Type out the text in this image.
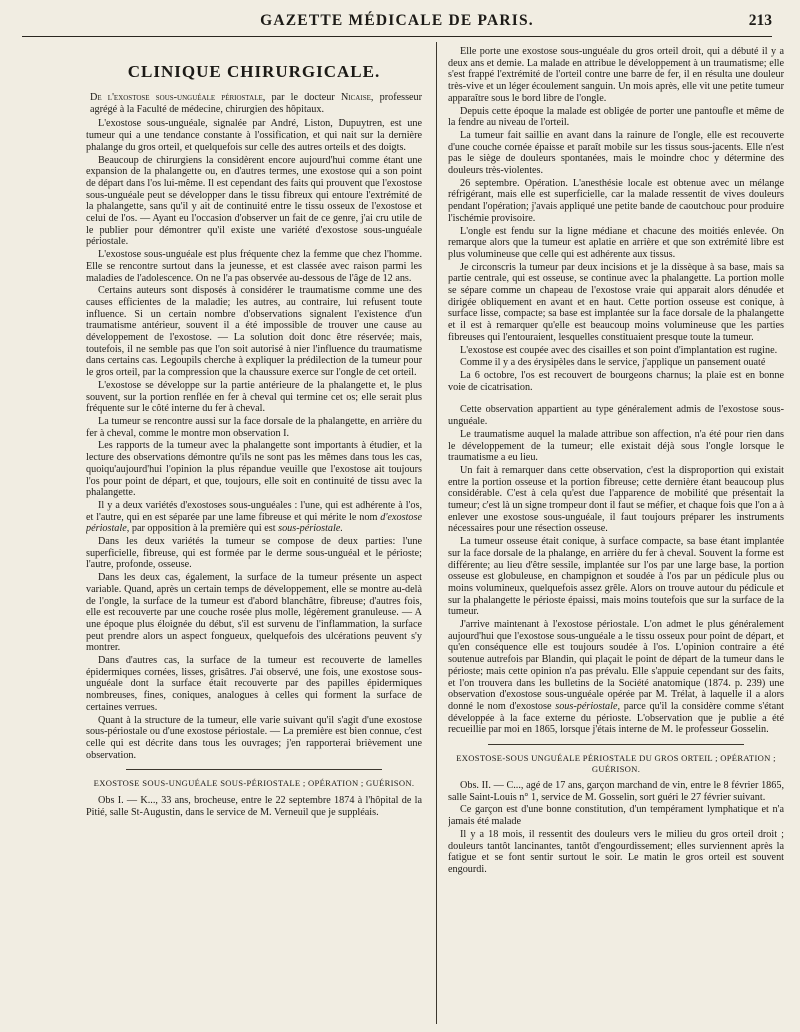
GAZETTE MÉDICALE DE PARIS.	213
CLINIQUE CHIRURGICALE.

De l'exostose sous-unguéale périostale, par le docteur Nicaise, professeur agrégé à la Faculté de médecine, chirurgien des hôpitaux.

L'exostose sous-unguéale, signalée par André, Liston, Dupuytren, est une tumeur qui a une tendance constante à l'ossification, et qui nait sur la dernière phalange du gros orteil, et quelquefois sur celle des autres orteils et des doigts.

Beaucoup de chirurgiens la considèrent encore aujourd'hui comme étant une expansion de la phalangette ou, en d'autres termes, une exostose qui a son point de départ dans l'os lui-même. Il est cependant des faits qui prouvent que l'exostose sous-unguéale peut se développer dans le tissu fibreux qui entoure l'extrémité de la phalangette, sans qu'il y ait de continuité entre le tissu osseux de l'exostose et celui de l'os. — Ayant eu l'occasion d'observer un fait de ce genre, j'ai cru utile de le publier pour démontrer qu'il existe une variété d'exostose sous-unguéale périostale.

L'exostose sous-unguéale est plus fréquente chez la femme que chez l'homme. Elle se rencontre surtout dans la jeunesse, et est classée avec raison parmi les maladies de l'adolescence. On ne l'a pas observée au-dessous de l'âge de 12 ans.

Certains auteurs sont disposés à considérer le traumatisme comme une des causes efficientes de la maladie; les autres, au contraire, lui refusent toute influence. Si un certain nombre d'observations signalent l'existence d'un traumatisme antérieur, souvent il a été impossible de trouver une cause au développement de l'exostose. — La solution doit donc être réservée; mais, toutefois, il ne semble pas que l'on soit autorisé à nier l'influence du traumatisme dans certains cas. Legoupils cherche à expliquer la prédilection de la tumeur pour le gros orteil, par la compression que la chaussure exerce sur l'ongle de cet orteil.

L'exostose se développe sur la partie antérieure de la phalangette et, le plus souvent, sur la portion renflée en fer à cheval qui termine cet os; elle serait plus fréquente sur le côté interne du fer à cheval.

La tumeur se rencontre aussi sur la face dorsale de la phalangette, en arrière du fer à cheval, comme le montre mon observation I.

Les rapports de la tumeur avec la phalangette sont importants à étudier, et la lecture des observations démontre qu'ils ne sont pas les mêmes dans tous les cas, quoiqu'aujourd'hui l'opinion la plus répandue veuille que l'exostose ait toujours l'os pour point de départ, et que, toujours, elle soit en continuité de tissu avec la phalangette.

Il y a deux variétés d'exostoses sous-unguéales : l'une, qui est adhérente à l'os, et l'autre, qui en est séparée par une lame fibreuse et qui mérite le nom d'exostose périostale, par opposition à la première qui est sous-périostale.

Dans les deux variétés la tumeur se compose de deux parties: l'une superficielle, fibreuse, qui est formée par le derme sous-unguéal et le périoste; l'autre, profonde, osseuse.

Dans les deux cas, également, la surface de la tumeur présente un aspect variable. Quand, après un certain temps de développement, elle se montre au-delà de l'ongle, la surface de la tumeur est d'abord blanchâtre, fibreuse; d'autres fois, elle est recouverte par une couche rosée plus molle, légèrement granuleuse. — A une époque plus éloignée du début, s'il est survenu de l'inflammation, la surface peut prendre alors un aspect fongueux, quelquefois des ulcérations peuvent s'y montrer.

Dans d'autres cas, la surface de la tumeur est recouverte de lamelles épidermiques cornées, lisses, grisâtres. J'ai observé, une fois, une exostose sous-unguéale dont la surface était recouverte par des papilles épidermiques nombreuses, fines, coniques, analogues à celles qui forment la surface de certaines verrues.

Quant à la structure de la tumeur, elle varie suivant qu'il s'agit d'une exostose sous-périostale ou d'une exostose périostale. — La première est bien connue, c'est celle qui est décrite dans tous les ouvrages; j'en rapporterai brièvement une observation.

EXOSTOSE SOUS-UNGUÉALE SOUS-PÉRIOSTALE ; OPÉRATION ; GUÉRISON.

Obs I. — K..., 33 ans, brocheuse, entre le 22 septembre 1874 à l'hôpital de la Pitié, salle St-Augustin, dans le service de M. Verneuil que je suppléais.

Elle porte une exostose sous-unguéale du gros orteil droit, qui a débuté il y a deux ans et demie. La malade en attribue le développement à un traumatisme; elle s'est frappé l'extrémité de l'orteil contre une barre de fer, il en résulta une douleur très-vive et un léger écoulement sanguin. Un mois après, elle vit une petite tumeur apparaître sous le bord libre de l'ongle.

Depuis cette époque la malade est obligée de porter une pantoufle et même de la fendre au niveau de l'orteil.

La tumeur fait saillie en avant dans la rainure de l'ongle, elle est recouverte d'une couche cornée épaisse et paraît mobile sur les tissus sous-jacents. Elle n'est pas le siège de douleurs spontanées, mais le moindre choc y détermine des douleurs très-violentes.

26 septembre. Opération. L'anesthésie locale est obtenue avec un mélange réfrigérant, mais elle est superficielle, car la malade ressentit de vives douleurs pendant l'opération; j'avais appliqué une petite bande de caoutchouc pour produire l'ischémie provisoire.

L'ongle est fendu sur la ligne médiane et chacune des moitiés enlevée. On remarque alors que la tumeur est aplatie en arrière et que son extrémité libre est plus volumineuse que celle qui est adhérente aux tissus.

Je circonscris la tumeur par deux incisions et je la dissèque à sa base, mais sa partie centrale, qui est osseuse, se continue avec la phalangette. La portion molle se sépare comme un chapeau de l'exostose vraie qui apparait alors dénudée et dirigée obliquement en avant et en haut. Cette portion osseuse est conique, à surface lisse, compacte; sa base est implantée sur la face dorsale de la phalangette et il est à remarquer qu'elle est beaucoup moins volumineuse que les parties fibreuses qui l'entouraient, lesquelles constituaient presque toute la tumeur.

L'exostose est coupée avec des cisailles et son point d'implantation est rugine.

Comme il y a des érysipèles dans le service, j'applique un pansement ouaté

La 6 octobre, l'os est recouvert de bourgeons charnus; la plaie est en bonne voie de cicatrisation.

Cette observation appartient au type généralement admis de l'exostose sous-unguéale.

Le traumatisme auquel la malade attribue son affection, n'a été pour rien dans le développement de la tumeur; elle existait déjà sous l'ongle lorsque le traumatisme a eu lieu.

Un fait à remarquer dans cette observation, c'est la disproportion qui existait entre la portion osseuse et la portion fibreuse; cette dernière étant beaucoup plus considérable. C'est à cela qu'est due l'apparence de mobilité que présentait la tumeur; c'est là un signe trompeur dont il faut se méfier, et chaque fois que l'on a à enlever une exostose sous-unguéale, il faut toujours préparer les instruments nécessaires pour une résection osseuse.

La tumeur osseuse était conique, à surface compacte, sa base étant implantée sur la face dorsale de la phalange, en arrière du fer à cheval. Souvent la forme est différente; au lieu d'être sessile, implantée sur l'os par une large base, la portion osseuse est globuleuse, en champignon et soudée à l'os par un pédicule plus ou moins volumineux, quelquefois assez grêle. Alors on trouve autour du pédicule et sur la phalangette le périoste épaissi, mais moins toutefois que sur la surface de la tumeur.

J'arrive maintenant à l'exostose périostale. L'on admet le plus généralement aujourd'hui que l'exostose sous-unguéale a le tissu osseux pour point de départ, et qu'en conséquence elle est toujours soudée à l'os. L'opinion contraire a été soutenue autrefois par Blandin, qui plaçait le point de départ de la tumeur dans le périoste; mais cette opinion n'a pas prévalu. Elle s'appuie cependant sur des faits, et l'on trouvera dans les bulletins de la Société anatomique (1874. p. 239) une observation d'exostose sous-unguéale opérée par M. Trélat, à laquelle il a alors donné le nom d'exostose sous-périostale, parce qu'il la considère comme s'étant développée à la face externe du périoste. L'observation que je publie a été recueillie par moi en 1865, lorsque j'étais interne de M. le professeur Gosselin.

EXOSTOSE-SOUS UNGUÉALE PÉRIOSTALE DU GROS ORTEIL ; OPÉRATION ; GUÉRISON.

Obs. II. — C..., agé de 17 ans, garçon marchand de vin, entre le 8 février 1865, salle Saint-Louis n° 1, service de M. Gosselin, sort guéri le 27 février suivant.

Ce garçon est d'une bonne constitution, d'un tempérament lymphatique et n'a jamais été malade

Il y a 18 mois, il ressentit des douleurs vers le milieu du gros orteil droit ; douleurs tantôt lancinantes, tantôt d'engourdissement; elles surviennent après la fatigue et se font sentir surtout le soir. Le matin le gros orteil est souvent engourdi.
